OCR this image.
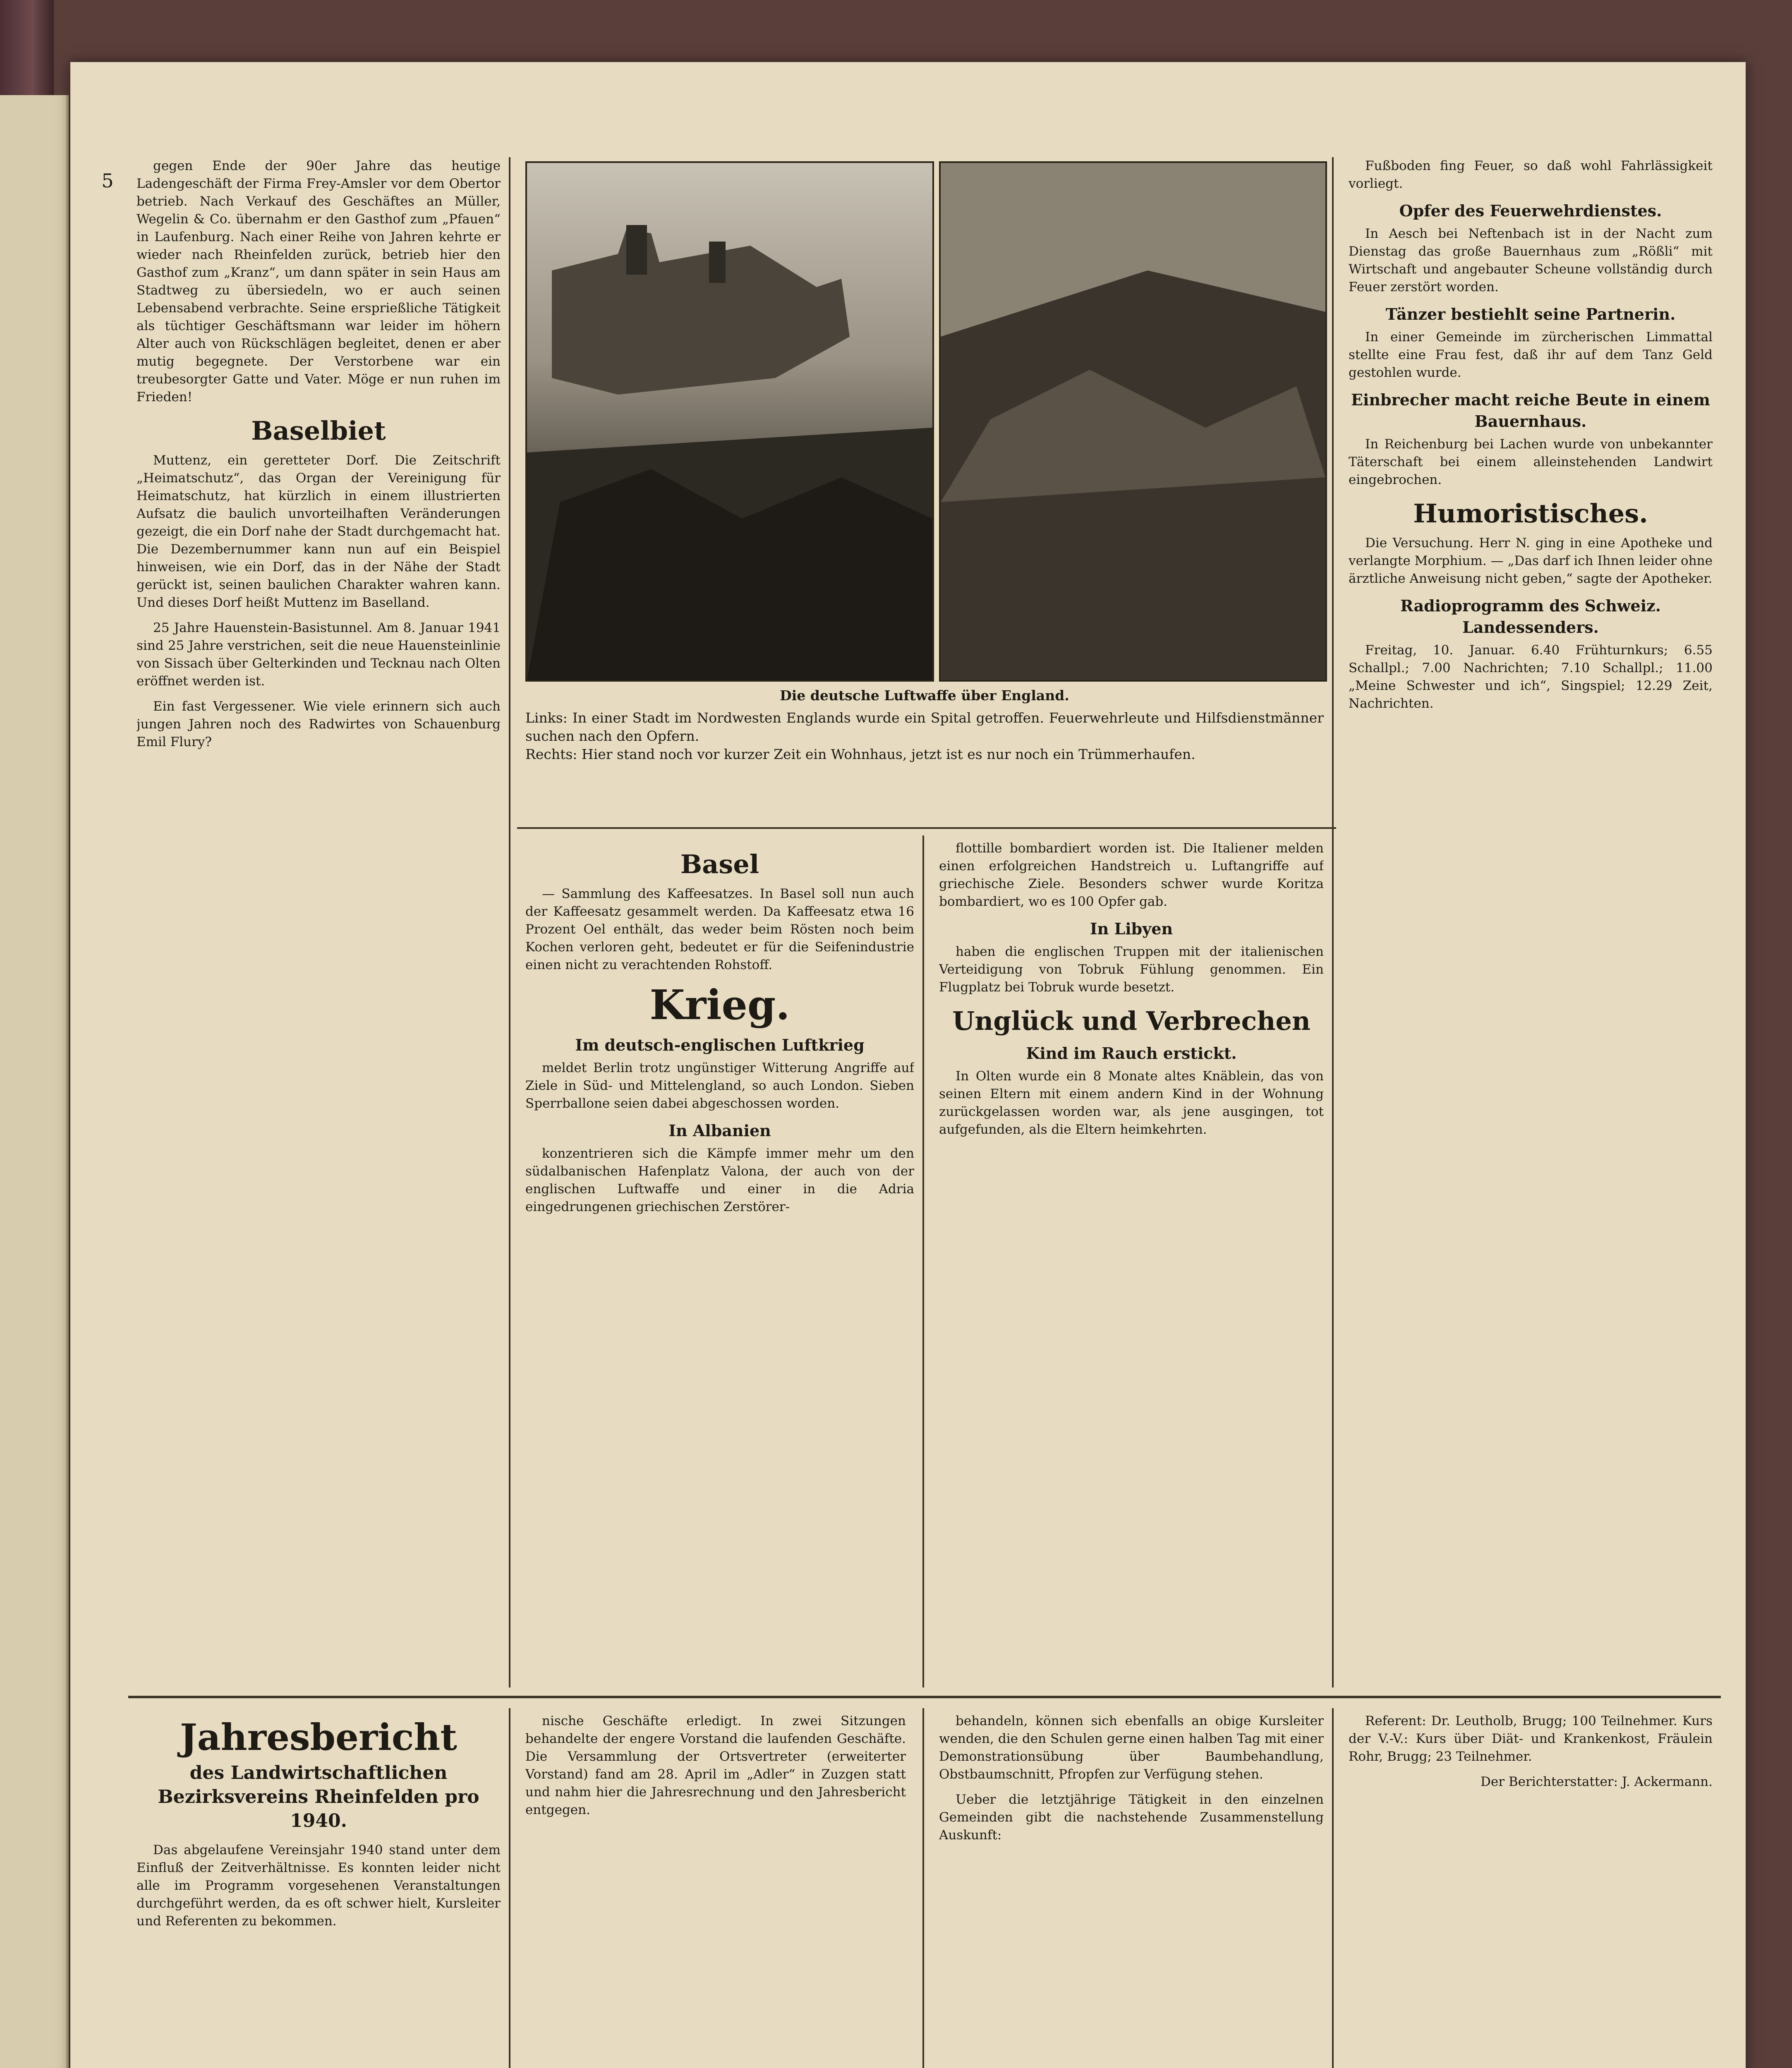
5

gegen Ende der 90er Jahre das heutige Ladengeschäft der Firma Frey-Amsler vor dem Obertor betrieb. Nach Verkauf des Geschäftes an Müller, Wegelin & Co. übernahm er den Gasthof zum „Pfauen“ in Laufenburg. Nach einer Reihe von Jahren kehrte er wieder nach Rheinfelden zurück, betrieb hier den Gasthof zum „Kranz“, um dann später in sein Haus am Stadtweg zu übersiedeln, wo er auch seinen Lebensabend verbrachte. Seine ersprießliche Tätigkeit als tüchtiger Geschäftsmann war leider im höhern Alter auch von Rückschlägen begleitet, denen er aber mutig begegnete. Der Verstorbene war ein treubesorgter Gatte und Vater. Möge er nun ruhen im Frieden!

Baselbiet

Muttenz, ein geretteter Dorf. Die Zeitschrift „Heimatschutz“, das Organ der Vereinigung für Heimatschutz, hat kürzlich in einem illustrierten Aufsatz die baulich unvorteilhaften Veränderungen gezeigt, die ein Dorf nahe der Stadt durchgemacht hat. Die Dezembernummer kann nun auf ein Beispiel hinweisen, wie ein Dorf, das in der Nähe der Stadt gerückt ist, seinen baulichen Charakter wahren kann. Und dieses Dorf heißt Muttenz im Baselland.

25 Jahre Hauenstein-Basistunnel. Am 8. Januar 1941 sind 25 Jahre verstrichen, seit die neue Hauensteinlinie von Sissach über Gelterkinden und Tecknau nach Olten eröffnet werden ist.

Ein fast Vergessener. Wie viele erinnern sich auch jungen Jahren noch des Radwirtes von Schauenburg Emil Flury?

Die deutsche Luftwaffe über England.
Links: In einer Stadt im Nordwesten Englands wurde ein Spital getroffen. Feuerwehrleute und Hilfsdienstmänner suchen nach den Opfern.
Rechts: Hier stand noch vor kurzer Zeit ein Wohnhaus, jetzt ist es nur noch ein Trümmerhaufen.
Basel

— Sammlung des Kaffeesatzes. In Basel soll nun auch der Kaffeesatz gesammelt werden. Da Kaffeesatz etwa 16 Prozent Oel enthält, das weder beim Rösten noch beim Kochen verloren geht, bedeutet er für die Seifenindustrie einen nicht zu verachtenden Rohstoff.

Krieg.
Im deutsch-englischen Luftkrieg

meldet Berlin trotz ungünstiger Witterung Angriffe auf Ziele in Süd- und Mittelengland, so auch London. Sieben Sperrballone seien dabei abgeschossen worden.

In Albanien

konzentrieren sich die Kämpfe immer mehr um den südalbanischen Hafenplatz Valona, der auch von der englischen Luftwaffe und einer in die Adria eingedrungenen griechischen Zerstörer-

flottille bombardiert worden ist. Die Italiener melden einen erfolgreichen Handstreich u. Luftangriffe auf griechische Ziele. Besonders schwer wurde Koritza bombardiert, wo es 100 Opfer gab.

In Libyen

haben die englischen Truppen mit der italienischen Verteidigung von Tobruk Fühlung genommen. Ein Flugplatz bei Tobruk wurde besetzt.

Unglück und Verbrechen
Kind im Rauch erstickt.

In Olten wurde ein 8 Monate altes Knäblein, das von seinen Eltern mit einem andern Kind in der Wohnung zurückgelassen worden war, als jene ausgingen, tot aufgefunden, als die Eltern heimkehrten.

Fußboden fing Feuer, so daß wohl Fahrlässigkeit vorliegt.

Opfer des Feuerwehrdienstes.

In Aesch bei Neftenbach ist in der Nacht zum Dienstag das große Bauernhaus zum „Rößli“ mit Wirtschaft und angebauter Scheune vollständig durch Feuer zerstört worden.

Tänzer bestiehlt seine Partnerin.

In einer Gemeinde im zürcherischen Limmattal stellte eine Frau fest, daß ihr auf dem Tanz Geld gestohlen wurde.

Einbrecher macht reiche Beute in einem Bauernhaus.

In Reichenburg bei Lachen wurde von unbekannter Täterschaft bei einem alleinstehenden Landwirt eingebrochen.

Humoristisches.

Die Versuchung. Herr N. ging in eine Apotheke und verlangte Morphium. — „Das darf ich Ihnen leider ohne ärztliche Anweisung nicht geben,“ sagte der Apotheker.

Radioprogramm des Schweiz. Landessenders.

Freitag, 10. Januar. 6.40 Frühturnkurs; 6.55 Schallpl.; 7.00 Nachrichten; 7.10 Schallpl.; 11.00 „Meine Schwester und ich“, Singspiel; 12.29 Zeit, Nachrichten.

Jahresbericht
des Landwirtschaftlichen Bezirksvereins Rheinfelden pro 1940.

Das abgelaufene Vereinsjahr 1940 stand unter dem Einfluß der Zeitverhältnisse. Es konnten leider nicht alle im Programm vorgesehenen Veranstaltungen durchgeführt werden, da es oft schwer hielt, Kursleiter und Referenten zu bekommen.

nische Geschäfte erledigt. In zwei Sitzungen behandelte der engere Vorstand die laufenden Geschäfte. Die Versammlung der Ortsvertreter (erweiterter Vorstand) fand am 28. April im „Adler“ in Zuzgen statt und nahm hier die Jahresrechnung und den Jahresbericht entgegen.

behandeln, können sich ebenfalls an obige Kursleiter wenden, die den Schulen gerne einen halben Tag mit einer Demonstrationsübung über Baumbehandlung, Obstbaumschnitt, Pfropfen zur Verfügung stehen.

Ueber die letztjährige Tätigkeit in den einzelnen Gemeinden gibt die nachstehende Zusammenstellung Auskunft:

Referent: Dr. Leutholb, Brugg; 100 Teilnehmer. Kurs der V.-V.: Kurs über Diät- und Krankenkost, Fräulein Rohr, Brugg; 23 Teilnehmer.

Der Berichterstatter: J. Ackermann.
